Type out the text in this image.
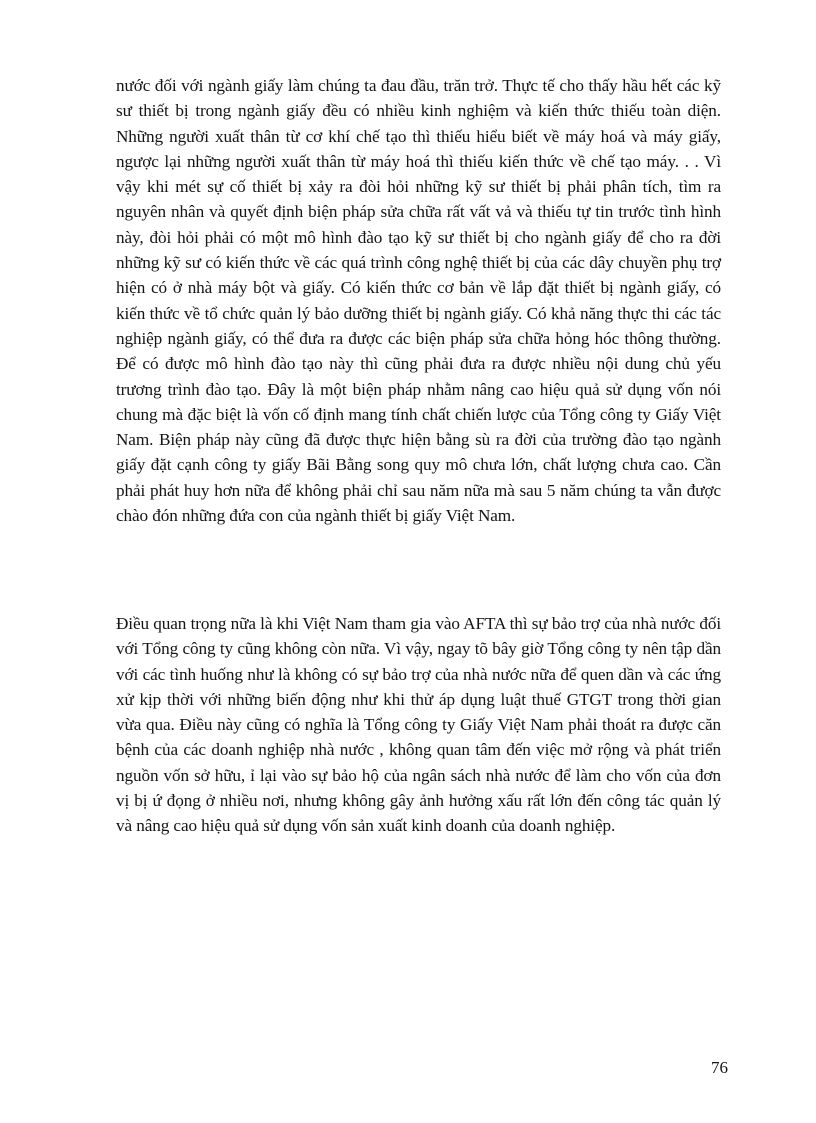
nước đối với ngành giấy làm chúng ta đau đầu, trăn trở. Thực tế cho thấy hầu hết các kỹ sư thiết bị trong ngành giấy đều có nhiều kinh nghiệm và kiến thức thiếu toàn diện. Những người xuất thân từ cơ khí chế tạo thì thiếu hiểu biết về máy hoá và máy giấy, ngược lại những người xuất thân từ máy hoá thì thiếu kiến thức về chế tạo máy. . . Vì vậy khi mét sự cố thiết bị xảy ra đòi hỏi những kỹ sư thiết bị phải phân tích, tìm ra nguyên nhân và quyết định biện pháp sửa chữa rất vất vả và thiếu tự tin trước tình hình này, đòi hỏi phải có một mô hình đào tạo kỹ sư thiết bị cho ngành giấy để cho ra đời những kỹ sư có kiến thức về các quá trình công nghệ thiết bị của các dây chuyền phụ trợ hiện có ở nhà máy bột và giấy. Có kiến thức cơ bản về lắp đặt thiết bị ngành giấy, có kiến thức về tổ chức quản lý bảo dưỡng thiết bị ngành giấy. Có khả năng thực thi các tác nghiệp ngành giấy, có thể đưa ra được các biện pháp sửa chữa hỏng hóc thông thường. Để có được mô hình đào tạo này thì cũng phải đưa ra được nhiều nội dung chủ yếu trương trình đào tạo. Đây là một biện pháp nhằm nâng cao hiệu quả sử dụng vốn nói chung mà đặc biệt là vốn cố định mang tính chất chiến lược của Tổng công ty Giấy Việt Nam. Biện pháp này cũng đã được thực hiện bằng sù ra đời của trường đào tạo ngành giấy đặt cạnh công ty giấy Bãi Bằng song quy mô chưa lớn, chất lượng chưa cao. Cần phải phát huy hơn nữa để không phải chỉ sau năm nữa mà sau 5 năm chúng ta vẫn được chào đón những đứa con của ngành thiết bị giấy Việt Nam.

Điều quan trọng nữa là khi Việt Nam tham gia vào AFTA thì sự bảo trợ của nhà nước đối với Tổng công ty cũng không còn nữa. Vì vậy, ngay tõ bây giờ Tổng công ty nên tập dần với các tình huống như là không có sự bảo trợ của nhà nước nữa để quen dần và các ứng xử kịp thời với những biến động như khi thử áp dụng luật thuế GTGT trong thời gian vừa qua. Điều này cũng có nghĩa là Tổng công ty Giấy Việt Nam phải thoát ra được căn bệnh của các doanh nghiệp nhà nước , không quan tâm đến việc mở rộng và phát triển nguồn vốn sở hữu, ỉ lại vào sự bảo hộ của ngân sách nhà nước để làm cho vốn của đơn vị bị ứ đọng ở nhiều nơi, nhưng không gây ảnh hưởng xấu rất lớn đến công tác quản lý và nâng cao hiệu quả sử dụng vốn sản xuất kinh doanh của doanh nghiệp.

76
